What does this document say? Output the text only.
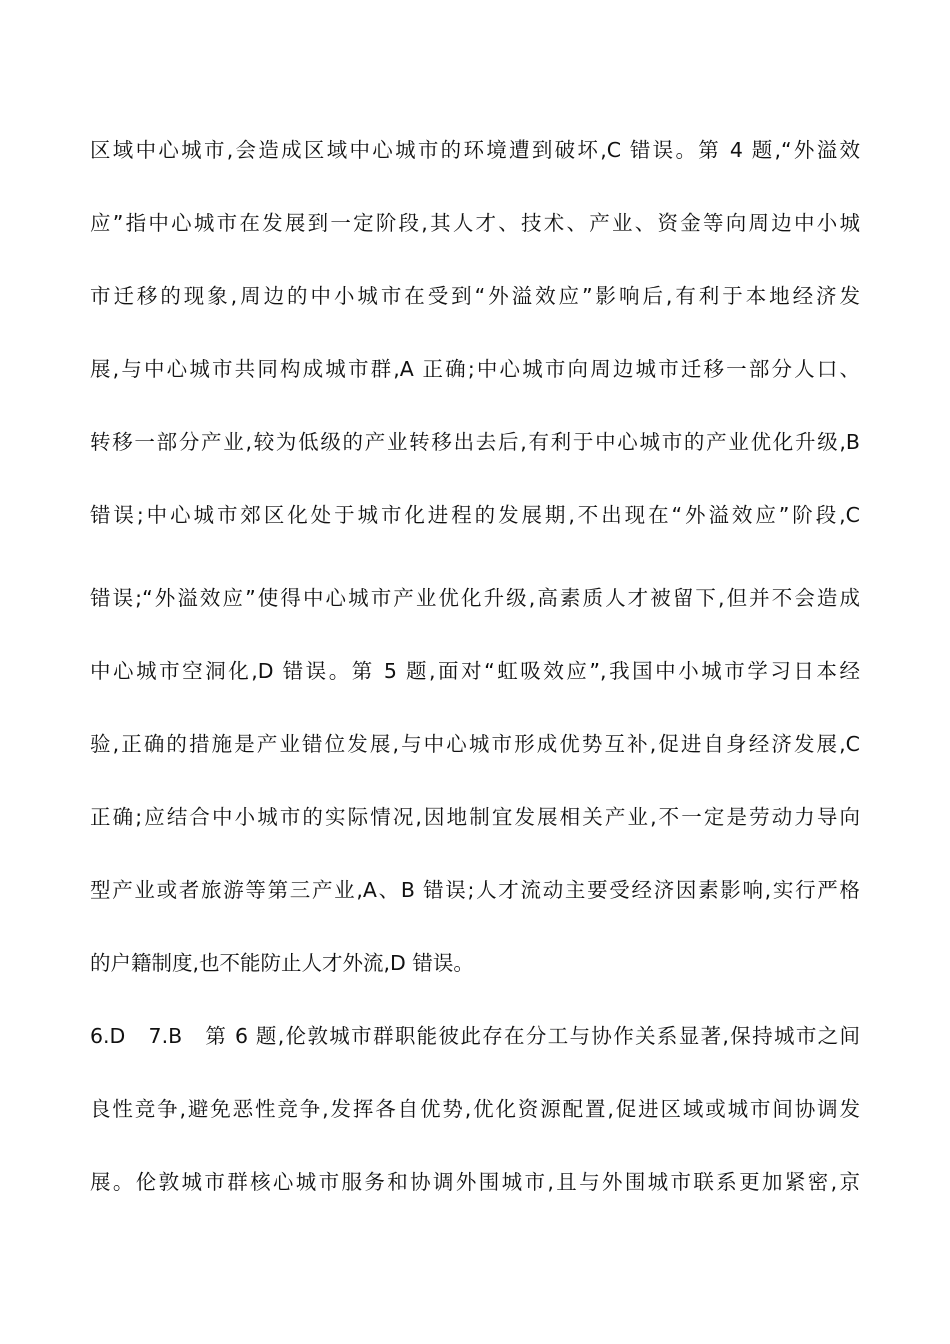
区域中心城市,会造成区域中心城市的环境遭到破坏,C 错误。第 4 题,“外溢效
应”指中心城市在发展到一定阶段,其人才、技术、产业、资金等向周边中小城
市迁移的现象,周边的中小城市在受到“外溢效应”影响后,有利于本地经济发
展,与中心城市共同构成城市群,A 正确;中心城市向周边城市迁移一部分人口、
转移一部分产业,较为低级的产业转移出去后,有利于中心城市的产业优化升级,B
错误;中心城市郊区化处于城市化进程的发展期,不出现在“外溢效应”阶段,C
错误;“外溢效应”使得中心城市产业优化升级,高素质人才被留下,但并不会造成
中心城市空洞化,D 错误。第 5 题,面对“虹吸效应”,我国中小城市学习日本经
验,正确的措施是产业错位发展,与中心城市形成优势互补,促进自身经济发展,C
正确;应结合中小城市的实际情况,因地制宜发展相关产业,不一定是劳动力导向
型产业或者旅游等第三产业,A、B 错误;人才流动主要受经济因素影响,实行严格
的户籍制度,也不能防止人才外流,D 错误。
6.D　7.B　第 6 题,伦敦城市群职能彼此存在分工与协作关系显著,保持城市之间
良性竞争,避免恶性竞争,发挥各自优势,优化资源配置,促进区域或城市间协调发
展。伦敦城市群核心城市服务和协调外围城市,且与外围城市联系更加紧密,京
